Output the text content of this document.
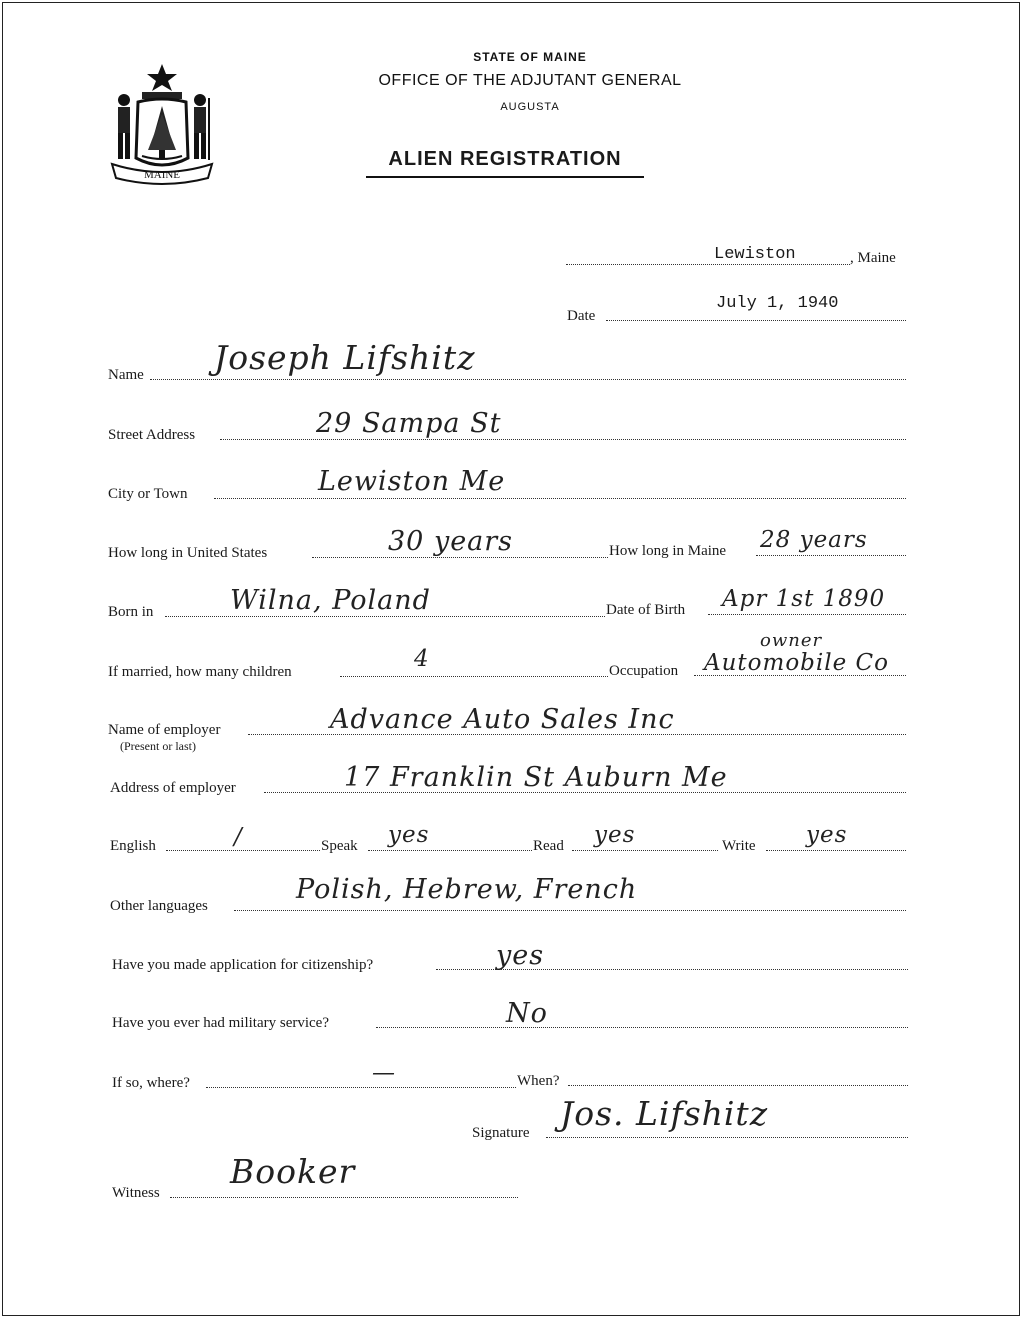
MAINE
STATE OF MAINE
OFFICE OF THE ADJUTANT GENERAL
AUGUSTA
ALIEN REGISTRATION
Lewiston	, Maine
Date
July 1, 1940
Name Joseph Lifshitz
Street Address	29 Sampa St
City or Town	Lewiston Me
How long in United States	30 years	How long in Maine 28 years
Born in	Wilna, Poland	Date of Birth Apr 1st 1890
If married, how many children	4	Occupation
owner
Automobile Co
Name of employer
(Present or last)
Advance Auto Sales Inc
Address of employer	17 Franklin St Auburn Me
English	/	Speak yes	Read yes	Write yes
Other languages
Polish, Hebrew, French
Have you made application for citizenship?	yes
Have you ever had military service?	No
If so, where?	—	When?
Signature Jos. Lifshitz
Witness
Booker
